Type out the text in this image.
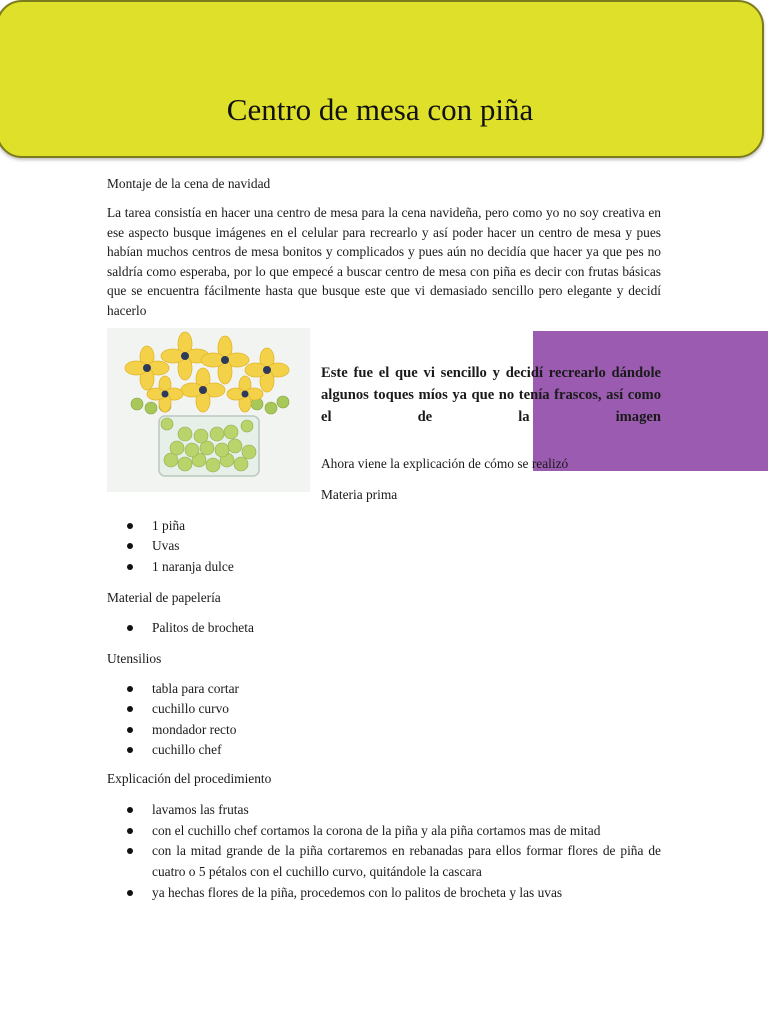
Centro de mesa con piña

Montaje de la cena de navidad

La tarea consistía en hacer una centro de mesa para la cena navideña, pero como yo no soy creativa en ese aspecto busque imágenes en el celular para recrearlo y así poder hacer un centro de mesa y pues habían muchos centros de mesa bonitos y complicados y pues aún no decidía que hacer ya que pes no saldría como esperaba, por lo que empecé a buscar centro de mesa con piña es decir con frutas básicas que se encuentra fácilmente hasta que busque este que vi demasiado sencillo pero elegante y decidí hacerlo

Este fue el que vi sencillo y decidí recrearlo dándole algunos toques míos ya que no tenía frascos, así como el de la imagen

Ahora viene la explicación de cómo se realizó

Materia prima

1 piña
Uvas
1 naranja dulce

Material de papelería

Palitos de brocheta

Utensilios

tabla para cortar
cuchillo curvo
mondador recto
cuchillo chef

Explicación del procedimiento

lavamos las frutas
con el cuchillo chef cortamos la corona de la piña y ala piña cortamos mas de mitad
con la mitad grande de la piña cortaremos en rebanadas para ellos formar flores de piña de cuatro o 5 pétalos con el cuchillo curvo, quitándole la cascara
ya hechas flores de la piña, procedemos con lo palitos de brocheta y las uvas
